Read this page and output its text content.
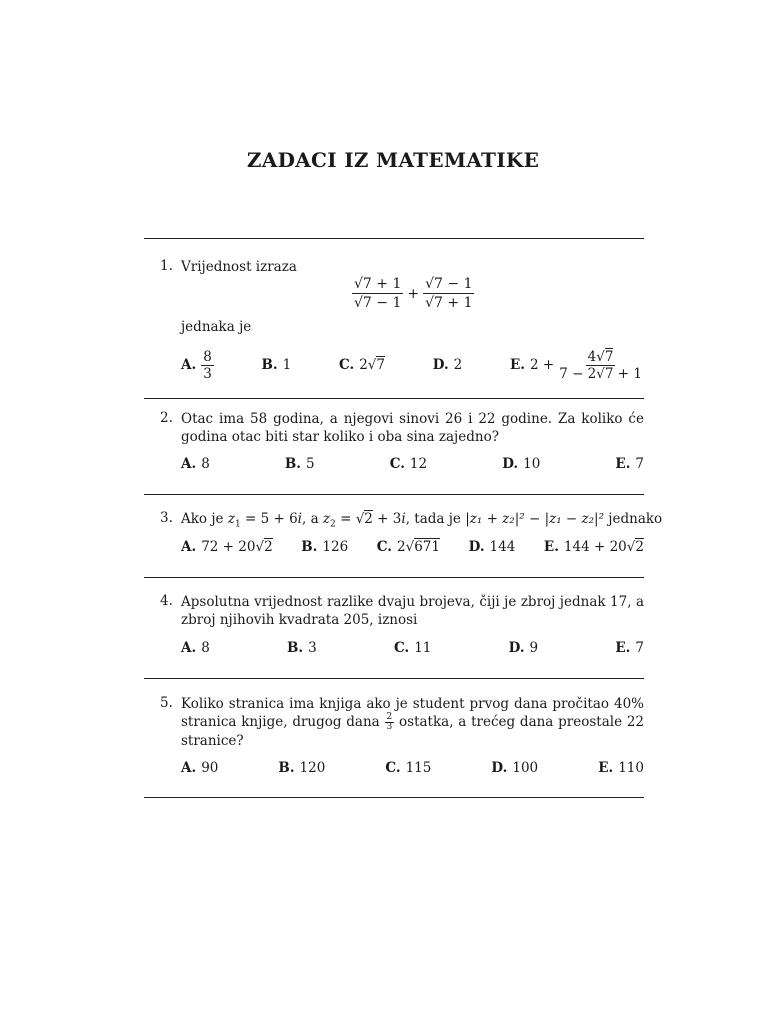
ZADACI IZ MATEMATIKE
1. Vrijednost izraza
$\frac{√7 + 1}{√7 - 1} + \frac{√7 - 1}{√7 + 1}$
jednaka je
A. $\frac{8}{3}$	B. 1	C. 2√7	D. 2	E. $2 + \frac{4√7}{7 - 2√7 + 1}$
2. Otac ima 58 godina, a njegovi sinovi 26 i 22 godine. Za koliko će godina otac biti star koliko i oba sina zajedno?
A. 8	B. 5	C. 12	D. 10	E. 7
3. Ako je $z_1 = 5 + 6i$, a $z_2 = √2 + 3i$, tada je |z₁ + z₂|² − |z₁ − z₂|² jednako
A. 72 + 20√2 B. 126 C. 2√671 D. 144 E. 144 + 20√2
4. Apsolutna vrijednost razlike dvaju brojeva, čiji je zbroj jednak 17, a zbroj njihovih kvadrata 205, iznosi
A. 8	B. 3	C. 11	D. 9	E. 7
5. Koliko stranica ima knjiga ako je student prvog dana pročitao 40% stranica knjige, drugog dana $\frac{2}{3}$ ostatka, a trećeg dana preostale 22 stranice?
A. 90	B. 120	C. 115	D. 100	E. 110
